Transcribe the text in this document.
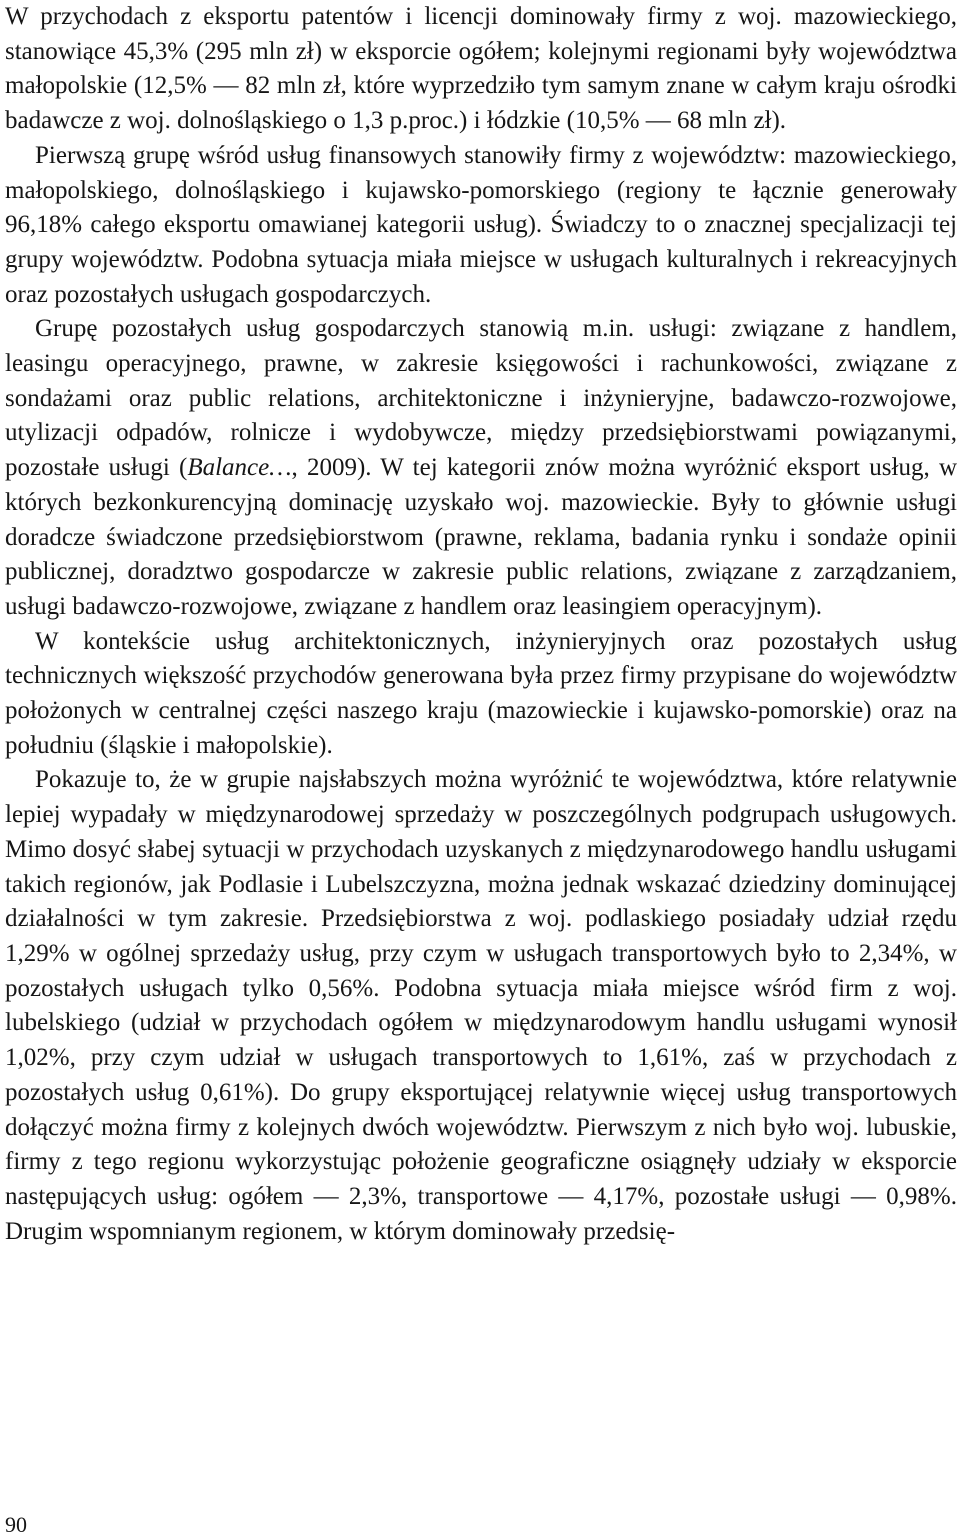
W przychodach z eksportu patentów i licencji dominowały firmy z woj. mazowieckiego, stanowiące 45,3% (295 mln zł) w eksporcie ogółem; kolejnymi regionami były województwa małopolskie (12,5% — 82 mln zł, które wyprzedziło tym samym znane w całym kraju ośrodki badawcze z woj. dolnośląskiego o 1,3 p.proc.) i łódzkie (10,5% — 68 mln zł).

Pierwszą grupę wśród usług finansowych stanowiły firmy z województw: mazowieckiego, małopolskiego, dolnośląskiego i kujawsko-pomorskiego (regiony te łącznie generowały 96,18% całego eksportu omawianej kategorii usług). Świadczy to o znacznej specjalizacji tej grupy województw. Podobna sytuacja miała miejsce w usługach kulturalnych i rekreacyjnych oraz pozostałych usługach gospodarczych.

Grupę pozostałych usług gospodarczych stanowią m.in. usługi: związane z handlem, leasingu operacyjnego, prawne, w zakresie księgowości i rachunkowości, związane z sondażami oraz public relations, architektoniczne i inżynieryjne, badawczo-rozwojowe, utylizacji odpadów, rolnicze i wydobywcze, między przedsiębiorstwami powiązanymi, pozostałe usługi (Balance…, 2009). W tej kategorii znów można wyróżnić eksport usług, w których bezkonkurencyjną dominację uzyskało woj. mazowieckie. Były to głównie usługi doradcze świadczone przedsiębiorstwom (prawne, reklama, badania rynku i sondaże opinii publicznej, doradztwo gospodarcze w zakresie public relations, związane z zarządzaniem, usługi badawczo-rozwojowe, związane z handlem oraz leasingiem operacyjnym).

W kontekście usług architektonicznych, inżynieryjnych oraz pozostałych usług technicznych większość przychodów generowana była przez firmy przypisane do województw położonych w centralnej części naszego kraju (mazowieckie i kujawsko-pomorskie) oraz na południu (śląskie i małopolskie).

Pokazuje to, że w grupie najsłabszych można wyróżnić te województwa, które relatywnie lepiej wypadały w międzynarodowej sprzedaży w poszczególnych podgrupach usługowych. Mimo dosyć słabej sytuacji w przychodach uzyskanych z międzynarodowego handlu usługami takich regionów, jak Podlasie i Lubelszczyzna, można jednak wskazać dziedziny dominującej działalności w tym zakresie. Przedsiębiorstwa z woj. podlaskiego posiadały udział rzędu 1,29% w ogólnej sprzedaży usług, przy czym w usługach transportowych było to 2,34%, w pozostałych usługach tylko 0,56%. Podobna sytuacja miała miejsce wśród firm z woj. lubelskiego (udział w przychodach ogółem w międzynarodowym handlu usługami wynosił 1,02%, przy czym udział w usługach transportowych to 1,61%, zaś w przychodach z pozostałych usług 0,61%). Do grupy eksportującej relatywnie więcej usług transportowych dołączyć można firmy z kolejnych dwóch województw. Pierwszym z nich było woj. lubuskie, firmy z tego regionu wykorzystując położenie geograficzne osiągnęły udziały w eksporcie następujących usług: ogółem — 2,3%, transportowe — 4,17%, pozostałe usługi — 0,98%. Drugim wspomnianym regionem, w którym dominowały przedsię-

90
